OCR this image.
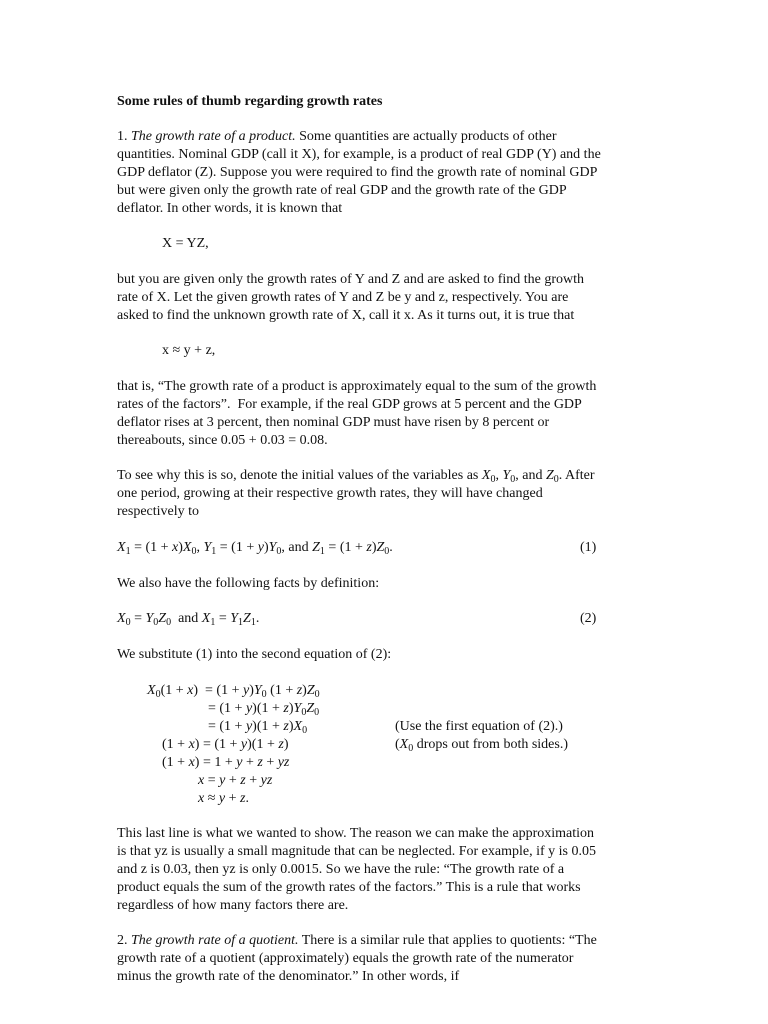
Some rules of thumb regarding growth rates
1. The growth rate of a product. Some quantities are actually products of other
quantities. Nominal GDP (call it X), for example, is a product of real GDP (Y) and the
GDP deflator (Z). Suppose you were required to find the growth rate of nominal GDP
but were given only the growth rate of real GDP and the growth rate of the GDP
deflator. In other words, it is known that
X = YZ,
but you are given only the growth rates of Y and Z and are asked to find the growth
rate of X. Let the given growth rates of Y and Z be y and z, respectively. You are
asked to find the unknown growth rate of X, call it x. As it turns out, it is true that
x ≈ y + z,
that is, “The growth rate of a product is approximately equal to the sum of the growth
rates of the factors”.  For example, if the real GDP grows at 5 percent and the GDP
deflator rises at 3 percent, then nominal GDP must have risen by 8 percent or
thereabouts, since 0.05 + 0.03 = 0.08.
To see why this is so, denote the initial values of the variables as $X_0$, $Y_0$, and $Z_0$. After
one period, growing at their respective growth rates, they will have changed
respectively to
$X_1 = (1 + x)X_0$, $Y_1 = (1 + y)Y_0$, and $Z_1 = (1 + z)Z_0$.	(1)
We also have the following facts by definition:
$X_0 = Y_0Z_0$  and $X_1 = Y_1Z_1$.	(2)
We substitute (1) into the second equation of (2):
$X_0(1 + x) = (1 + y)Y_0$ $(1 + z)Z_0$
= $(1 + y)(1 + z)Y_0Z_0$
= $(1 + y)(1 + z)X_0$	(Use the first equation of (2).)
(1 + x) = (1 + y)(1 + z)	($X_0$ drops out from both sides.)
(1 + x) = 1 + y + z + yz
x = y + z + yz
x ≈ y + z.
This last line is what we wanted to show. The reason we can make the approximation
is that yz is usually a small magnitude that can be neglected. For example, if y is 0.05
and z is 0.03, then yz is only 0.0015. So we have the rule: “The growth rate of a
product equals the sum of the growth rates of the factors.” This is a rule that works
regardless of how many factors there are.
2. The growth rate of a quotient. There is a similar rule that applies to quotients: “The
growth rate of a quotient (approximately) equals the growth rate of the numerator
minus the growth rate of the denominator.” In other words, if
